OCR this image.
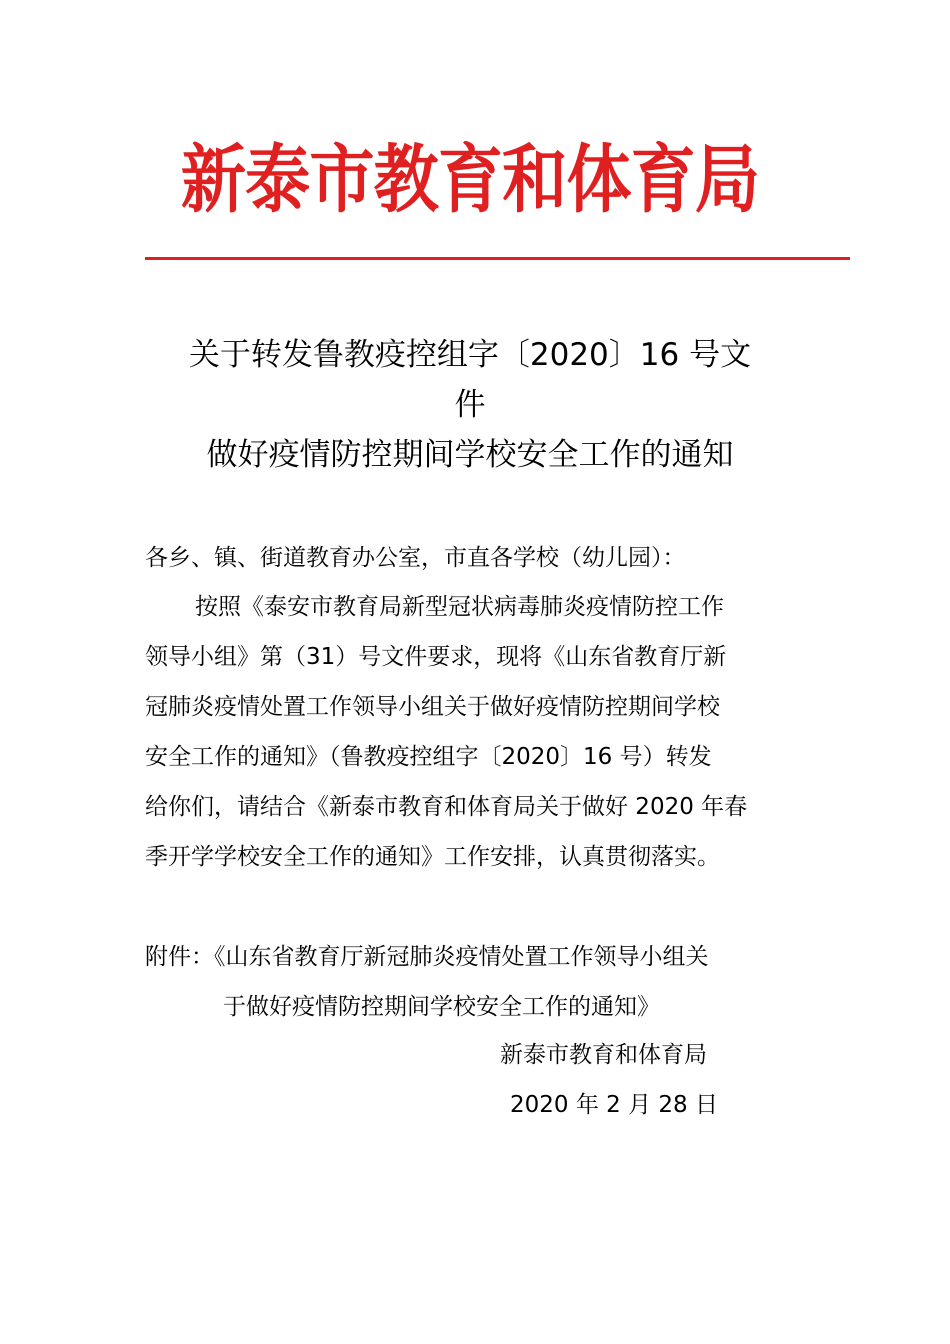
新泰市教育和体育局
关于转发鲁教疫控组字〔2020〕16 号文
件
做好疫情防控期间学校安全工作的通知
各乡、镇、街道教育办公室，市直各学校（幼儿园）：
按照《泰安市教育局新型冠状病毒肺炎疫情防控工作
领导小组》第（31）号文件要求，现将《山东省教育厅新
冠肺炎疫情处置工作领导小组关于做好疫情防控期间学校
安全工作的通知》（鲁教疫控组字〔2020〕16 号）转发
给你们，请结合《新泰市教育和体育局关于做好 2020 年春
季开学学校安全工作的通知》工作安排，认真贯彻落实。
附件：《山东省教育厅新冠肺炎疫情处置工作领导小组关
于做好疫情防控期间学校安全工作的通知》
新泰市教育和体育局
2020 年 2 月 28 日
